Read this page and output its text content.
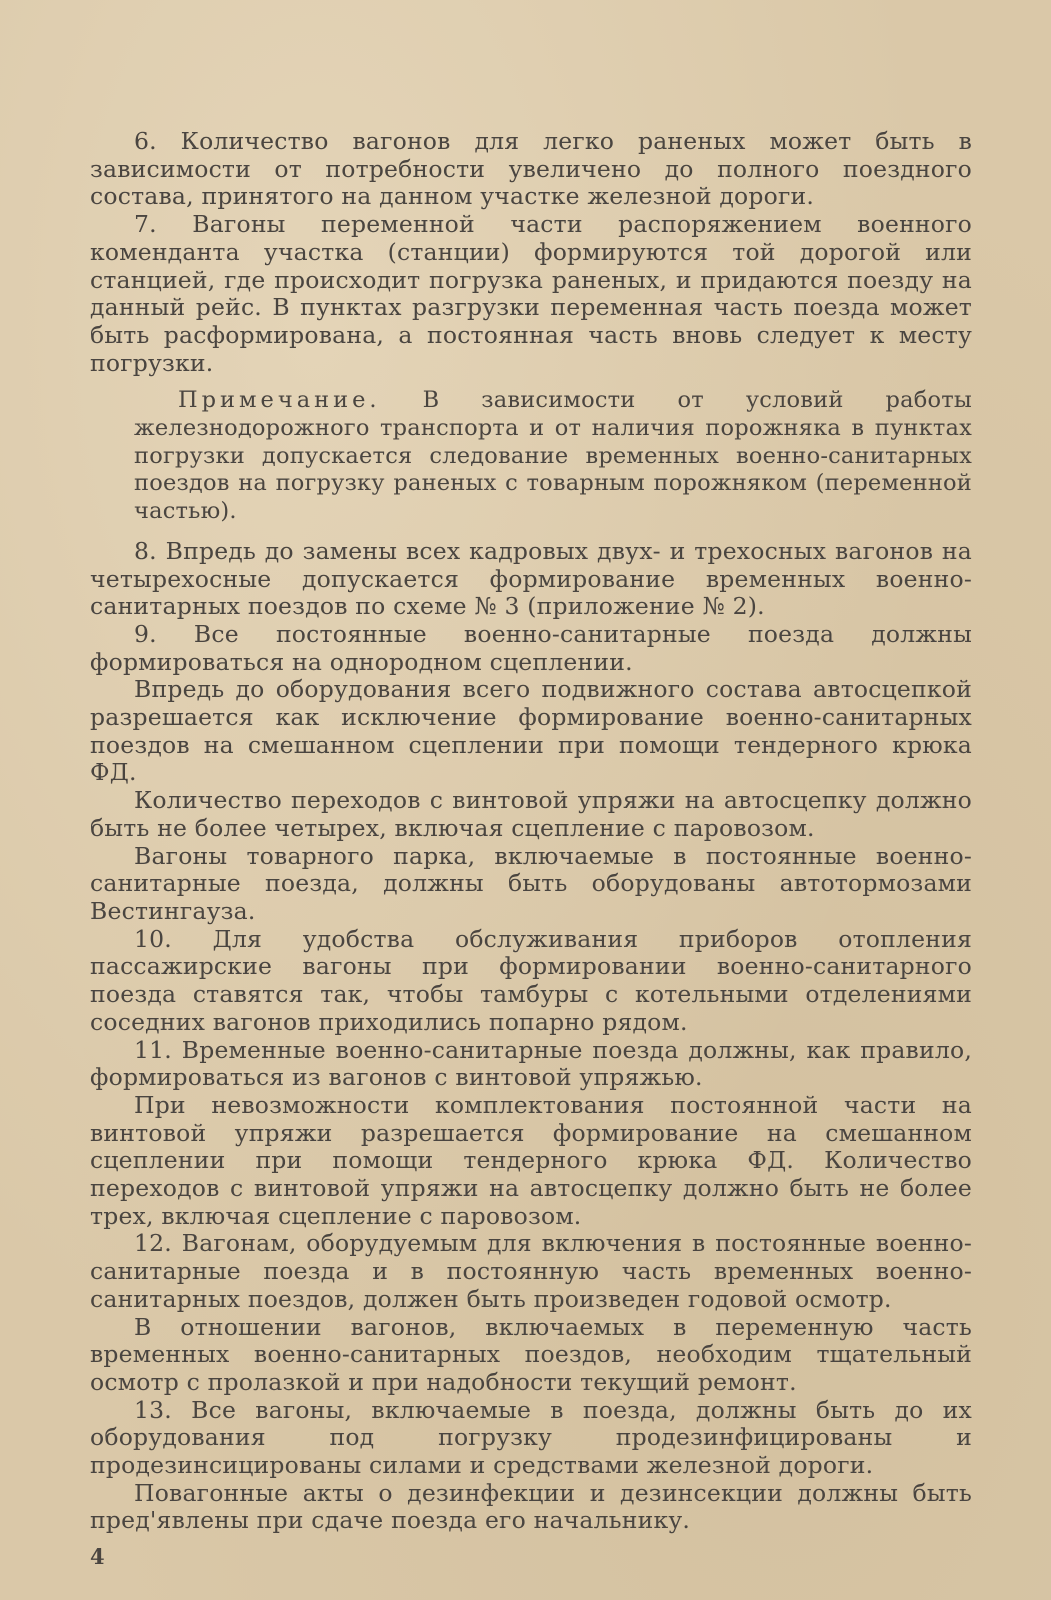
6. Количество вагонов для легко раненых может быть в зависимости от потребности увеличено до полного поездного состава, принятого на данном участке железной дороги.

7. Вагоны переменной части распоряжением военного коменданта участка (станции) формируются той дорогой или станцией, где происходит погрузка раненых, и придаются поезду на данный рейс. В пунктах разгрузки переменная часть поезда может быть расформирована, а постоянная часть вновь следует к месту погрузки.

Примечание. В зависимости от условий работы железнодорожного транспорта и от наличия порожняка в пунктах погрузки допускается следование временных военно-санитарных поездов на погрузку раненых с товарным порожняком (переменной частью).

8. Впредь до замены всех кадровых двух- и трехосных вагонов на четырехосные допускается формирование временных военно-санитарных поездов по схеме № 3 (приложение № 2).

9. Все постоянные военно-санитарные поезда должны формироваться на однородном сцеплении.

Впредь до оборудования всего подвижного состава автосцепкой разрешается как исключение формирование военно-санитарных поездов на смешанном сцеплении при помощи тендерного крюка ФД.

Количество переходов с винтовой упряжи на автосцепку должно быть не более четырех, включая сцепление с паровозом.

Вагоны товарного парка, включаемые в постоянные военно-санитарные поезда, должны быть оборудованы автотормозами Вестингауза.

10. Для удобства обслуживания приборов отопления пассажирские вагоны при формировании военно-санитарного поезда ставятся так, чтобы тамбуры с котельными отделениями соседних вагонов приходились попарно рядом.

11. Временные военно-санитарные поезда должны, как правило, формироваться из вагонов с винтовой упряжью.

При невозможности комплектования постоянной части на винтовой упряжи разрешается формирование на смешанном сцеплении при помощи тендерного крюка ФД. Количество переходов с винтовой упряжи на автосцепку должно быть не более трех, включая сцепление с паровозом.

12. Вагонам, оборудуемым для включения в постоянные военно-санитарные поезда и в постоянную часть временных военно-санитарных поездов, должен быть произведен годовой осмотр.

В отношении вагонов, включаемых в переменную часть временных военно-санитарных поездов, необходим тщательный осмотр с пролазкой и при надобности текущий ремонт.

13. Все вагоны, включаемые в поезда, должны быть до их оборудования под погрузку продезинфицированы и продезинсицированы силами и средствами железной дороги.

Повагонные акты о дезинфекции и дезинсекции должны быть пред'явлены при сдаче поезда его начальнику.

4
